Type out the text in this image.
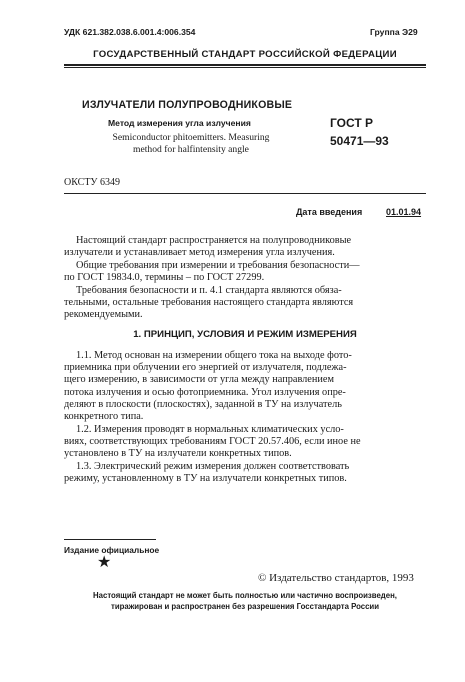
УДК 621.382.038.6.001.4:006.354	Группа Э29
ГОСУДАРСТВЕННЫЙ СТАНДАРТ РОССИЙСКОЙ ФЕДЕРАЦИИ
ИЗЛУЧАТЕЛИ ПОЛУПРОВОДНИКОВЫЕ
Метод измерения угла излучения
Semiconductor phitoemitters. Measuring
method for halfintensity angle
ГОСТ Р
50471—93
ОКСТУ 6349
Дата введения	01.01.94
Настоящий стандарт распространяется на полупроводниковые
излучатели и устанавливает метод измерения угла излучения.
Общие требования при измерении и требования безопасности—
по ГОСТ 19834.0, термины – по ГОСТ 27299.
Требования безопасности и п. 4.1 стандарта являются обяза-
тельными, остальные требования настоящего стандарта являются
рекомендуемыми.
1. ПРИНЦИП, УСЛОВИЯ И РЕЖИМ ИЗМЕРЕНИЯ
1.1. Метод основан на измерении общего тока на выходе фото-
приемника при облучении его энергией от излучателя, подлежа-
щего измерению, в зависимости от угла между направлением
потока излучения и осью фотоприемника. Угол излучения опре-
деляют в плоскости (плоскостях), заданной в ТУ на излучатель
конкретного типа.
1.2. Измерения проводят в нормальных климатических усло-
виях, соответствующих требованиям ГОСТ 20.57.406, если иное не
установлено в ТУ на излучатели конкретных типов.
1.3. Электрический режим измерения должен соответствовать
режиму, установленному в ТУ на излучатели конкретных типов.
Издание официальное
★
© Издательство стандартов, 1993
Настоящий стандарт не может быть полностью или частично воспроизведен,
тиражирован и распространен без разрешения Госстандарта России
